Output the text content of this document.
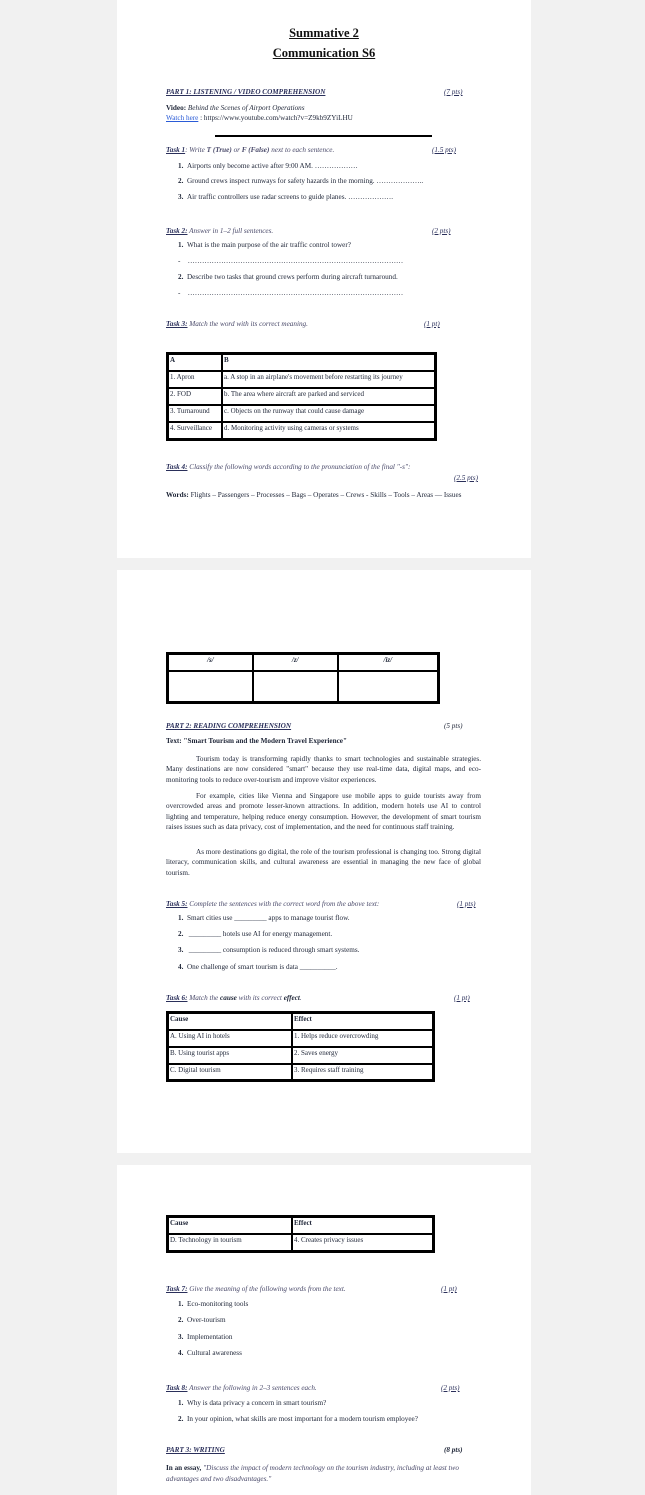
Summative 2
Communication S6
PART 1: LISTENING / VIDEO COMPREHENSION	(7 pts)
Video: Behind the Scenes of Airport Operations
Watch here : https://www.youtube.com/watch?v=Z9kb9ZYiLHU
Task 1: Write T (True) or F (False) next to each sentence.	(1.5 pts)
1. Airports only become active after 9:00 AM. ………………
2. Ground crews inspect runways for safety hazards in the morning. ………………..
3. Air traffic controllers use radar screens to guide planes. ……………….
Task 2: Answer in 1–2 full sentences.	(2 pts)
1. What is the main purpose of the air traffic control tower?
-    ………………………………………………………………………………
2. Describe two tasks that ground crews perform during aircraft turnaround.
-    ………………………………………………………………………………
Task 3: Match the word with its correct meaning.	(1 pt)
A	B
1. Apron	a. A stop in an airplane's movement before restarting its journey
2. FOD	b. The area where aircraft are parked and serviced
3. Turnaround	c. Objects on the runway that could cause damage
4. Surveillance	d. Monitoring activity using cameras or systems
Task 4: Classify the following words according to the pronunciation of the final "-s":
(2.5 pts)
Words: Flights – Passengers – Processes – Bags – Operates – Crews - Skills – Tools – Areas — Issues
/s/	/z/	/iz/

PART 2: READING COMPREHENSION	(5 pts)
Text: "Smart Tourism and the Modern Travel Experience"
Tourism today is transforming rapidly thanks to smart technologies and sustainable strategies. Many destinations are now considered "smart" because they use real-time data, digital maps, and eco-monitoring tools to reduce over-tourism and improve visitor experiences.
For example, cities like Vienna and Singapore use mobile apps to guide tourists away from overcrowded areas and promote lesser-known attractions. In addition, modern hotels use AI to control lighting and temperature, helping reduce energy consumption. However, the development of smart tourism raises issues such as data privacy, cost of implementation, and the need for continuous staff training.
As more destinations go digital, the role of the tourism professional is changing too. Strong digital literacy, communication skills, and cultural awareness are essential in managing the new face of global tourism.
Task 5: Complete the sentences with the correct word from the above text:	(1 pts)
1. Smart cities use _________ apps to manage tourist flow.
2. _________ hotels use AI for energy management.
3. _________ consumption is reduced through smart systems.
4. One challenge of smart tourism is data __________.
Task 6: Match the cause with its correct effect.	(1 pt)
Cause	Effect
A. Using AI in hotels	1. Helps reduce overcrowding
B. Using tourist apps	2. Saves energy
C. Digital tourism	3. Requires staff training
Cause	Effect
D. Technology in tourism	4. Creates privacy issues
Task 7: Give the meaning of the following words from the text.	(1 pt)
1. Eco-monitoring tools
2. Over-tourism
3. Implementation
4. Cultural awareness
Task 8: Answer the following in 2–3 sentences each.	(2 pts)
1. Why is data privacy a concern in smart tourism?
2. In your opinion, what skills are most important for a modern tourism employee?
PART 3: WRITING	(8 pts)
In an essay, "Discuss the impact of modern technology on the tourism industry, including at least two advantages and two disadvantages."
